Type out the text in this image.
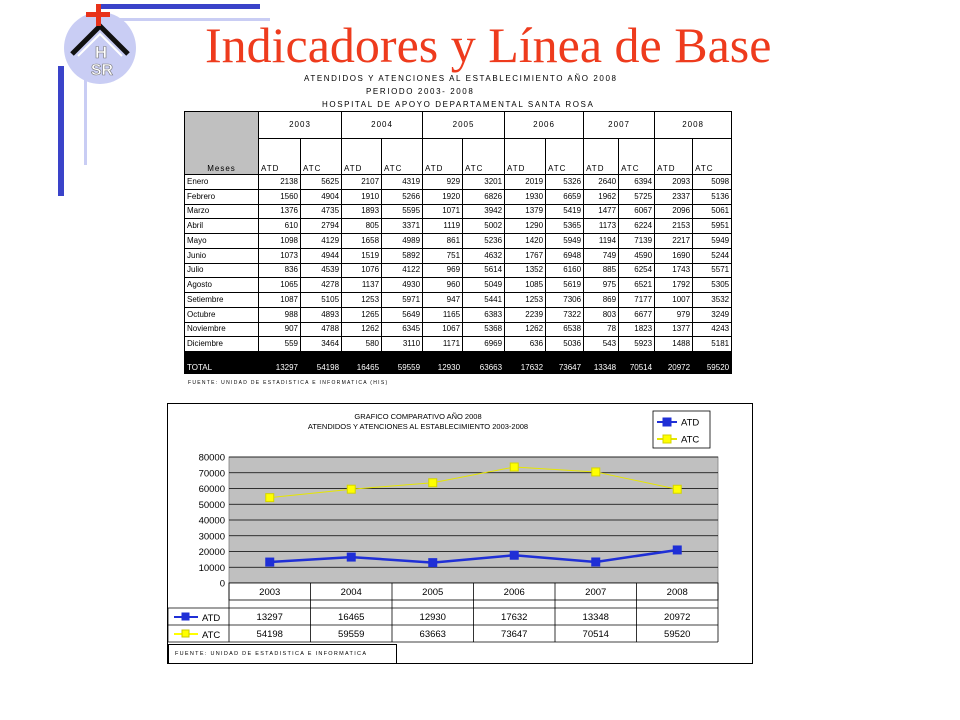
H
SR Indicadores y Línea de Base
ATENDIDOS Y ATENCIONES AL ESTABLECIMIENTO AÑO 2008
PERIODO 2003- 2008
HOSPITAL DE APOYO DEPARTAMENTAL SANTA ROSA
Meses	2003		2004		2005		2006		2007		2008	
	ATD	ATC	ATD	ATC	ATD	ATC	ATD	ATC	ATD	ATC	ATD	ATC
Enero	2138	5625	2107	4319	929	3201	2019	5326	2640	6394	2093	5098
Febrero	1560	4904	1910	5266	1920	6826	1930	6659	1962	5725	2337	5136
Marzo	1376	4735	1893	5595	1071	3942	1379	5419	1477	6067	2096	5061
Abril	610	2794	805	3371	1119	5002	1290	5365	1173	6224	2153	5951
Mayo	1098	4129	1658	4989	861	5236	1420	5949	1194	7139	2217	5949
Junio	1073	4944	1519	5892	751	4632	1767	6948	749	4590	1690	5244
Julio	836	4539	1076	4122	969	5614	1352	6160	885	6254	1743	5571
Agosto	1065	4278	1137	4930	960	5049	1085	5619	975	6521	1792	5305
Setiembre	1087	5105	1253	5971	947	5441	1253	7306	869	7177	1007	3532
Octubre	988	4893	1265	5649	1165	6383	2239	7322	803	6677	979	3249
Noviembre	907	4788	1262	6345	1067	5368	1262	6538	78	1823	1377	4243
Diciembre	559	3464	580	3110	1171	6969	636	5036	543	5923	1488	5181
TOTAL	13297	54198	16465	59559	12930	63663	17632	73647	13348	70514	20972	59520
FUENTE: UNIDAD DE ESTADISTICA E INFORMATICA (HIS)
GRAFICO COMPARATIVO AÑO 2008
ATENDIDOS Y ATENCIONES AL ESTABLECIMIENTO 2003-2008
0
10000
20000
30000
40000
50000
60000
70000
80000
2003	2004	2005	2006	2007	2008
ATD	13297	16465	12930	17632	13348	20972
ATC	54198	59559	63663	73647	70514	59520
ATD
ATC
FUENTE: UNIDAD DE ESTADISTICA E INFORMATICA
